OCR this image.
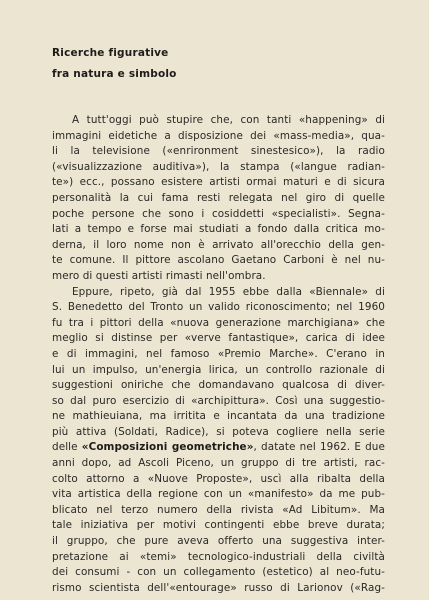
Ricerche figurative
fra natura e simbolo
A tutt'oggi può stupire che, con tanti «happening» di
immagini eidetiche a disposizione dei «mass-media», qua-
li la televisione («enrironment sinestesico»), la radio
(«visualizzazione auditiva»), la stampa («langue radian-
te») ecc., possano esistere artisti ormai maturi e di sicura
personalità la cui fama resti relegata nel giro di quelle
poche persone che sono i cosiddetti «specialisti». Segna-
lati a tempo e forse mai studiati a fondo dalla critica mo-
derna, il loro nome non è arrivato all'orecchio della gen-
te comune. Il pittore ascolano Gaetano Carboni è nel nu-
mero di questi artisti rimasti nell'ombra.
Eppure, ripeto, già dal 1955 ebbe dalla «Biennale» di
S. Benedetto del Tronto un valido riconoscimento; nel 1960
fu tra i pittori della «nuova generazione marchigiana» che
meglio si distinse per «verve fantastique», carica di idee
e di immagini, nel famoso «Premio Marche». C'erano in
lui un impulso, un'energia lirica, un controllo razionale di
suggestioni oniriche che domandavano qualcosa di diver-
so dal puro esercizio di «archipittura». Così una suggestio-
ne mathieuiana, ma irritita e incantata da una tradizione
più attiva (Soldati, Radice), si poteva cogliere nella serie
delle «Composizioni geometriche», datate nel 1962. E due
anni dopo, ad Ascoli Piceno, un gruppo di tre artisti, rac-
colto attorno a «Nuove Proposte», uscì alla ribalta della
vita artistica della regione con un «manifesto» da me pub-
blicato nel terzo numero della rivista «Ad Libitum». Ma
tale iniziativa per motivi contingenti ebbe breve durata;
il gruppo, che pure aveva offerto una suggestiva inter-
pretazione ai «temi» tecnologico-industriali della civiltà
dei consumi - con un collegamento (estetico) al neo-futu-
rismo scientista dell'«entourage» russo di Larionov («Rag-
